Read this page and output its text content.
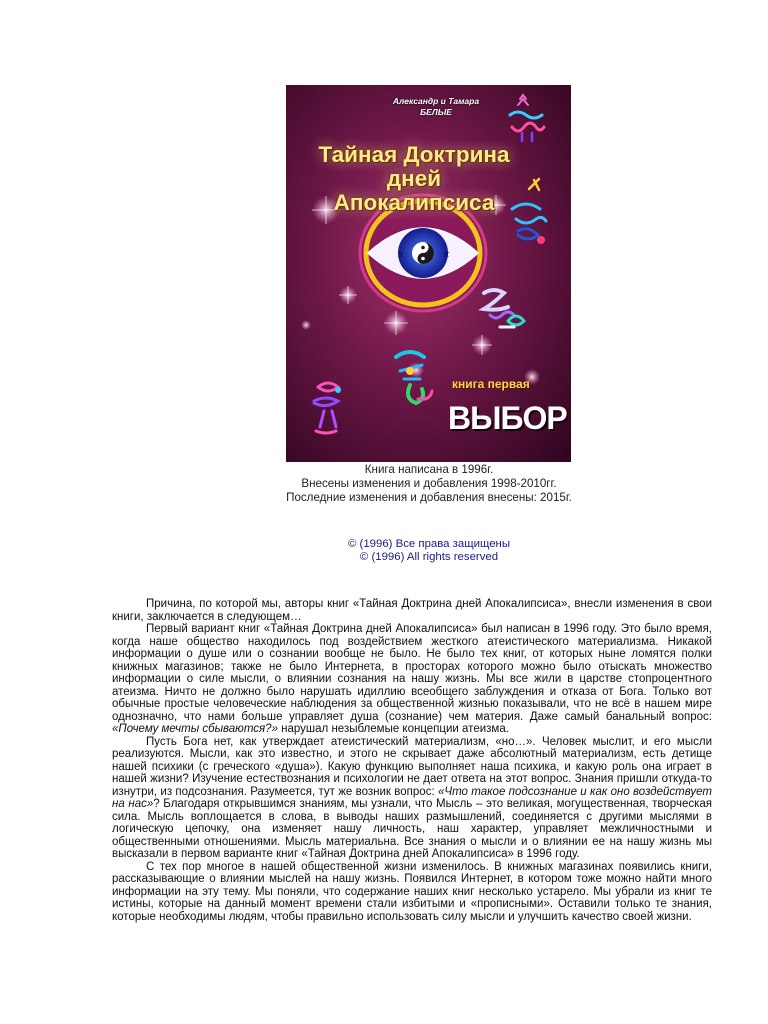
π	π
Александр и Тамара
БЕЛЫЕ
Тайная Доктрина
дней Апокалипсиса
книга первая
ВЫБОР
Книга написана в 1996г.
Внесены изменения и добавления 1998-2010гг.
Последние изменения и добавления внесены: 2015г.
© (1996) Все права защищены
© (1996) All rights reserved

Причина, по которой мы, авторы книг «Тайная Доктрина дней Апокалипсиса», внесли изменения в свои книги, заключается в следующем…

Первый вариант книг «Тайная Доктрина дней Апокалипсиса» был написан в 1996 году. Это было время, когда наше общество находилось под воздействием жесткого атеистического материализма. Никакой информации о душе или о сознании вообще не было. Не было тех книг, от которых ныне ломятся полки книжных магазинов; также не было Интернета, в просторах которого можно было отыскать множество информации о силе мысли, о влиянии сознания на нашу жизнь. Мы все жили в царстве стопроцентного атеизма. Ничто не должно было нарушать идиллию всеобщего заблуждения и отказа от Бога. Только вот обычные простые человеческие наблюдения за общественной жизнью показывали, что не всё в нашем мире однозначно, что нами больше управляет душа (сознание) чем материя. Даже самый банальный вопрос: «Почему мечты сбываются?» нарушал незыблемые концепции атеизма.

Пусть Бога нет, как утверждает атеистический материализм, «но…». Человек мыслит, и его мысли реализуются. Мысли, как это известно, и этого не скрывает даже абсолютный материализм, есть детище нашей психики (с греческого «душа»). Какую функцию выполняет наша психика, и какую роль она играет в нашей жизни? Изучение естествознания и психологии не дает ответа на этот вопрос. Знания пришли откуда-то изнутри, из подсознания. Разумеется, тут же возник вопрос: «Что такое подсознание и как оно воздействует на нас»? Благодаря открывшимся знаниям, мы узнали, что Мысль – это великая, могущественная, творческая сила. Мысль воплощается в слова, в выводы наших размышлений, соединяется с другими мыслями в логическую цепочку, она изменяет нашу личность, наш характер, управляет межличностными и общественными отношениями. Мысль материальна. Все знания о мысли и о влиянии ее на нашу жизнь мы высказали в первом варианте книг «Тайная Доктрина дней Апокалипсиса» в 1996 году.

С тех пор многое в нашей общественной жизни изменилось. В книжных магазинах появились книги, рассказывающие о влиянии мыслей на нашу жизнь. Появился Интернет, в котором тоже можно найти много информации на эту тему. Мы поняли, что содержание наших книг несколько устарело. Мы убрали из книг те истины, которые на данный момент времени стали избитыми и «прописными». Оставили только те знания, которые необходимы людям, чтобы правильно использовать силу мысли и улучшить качество своей жизни.
